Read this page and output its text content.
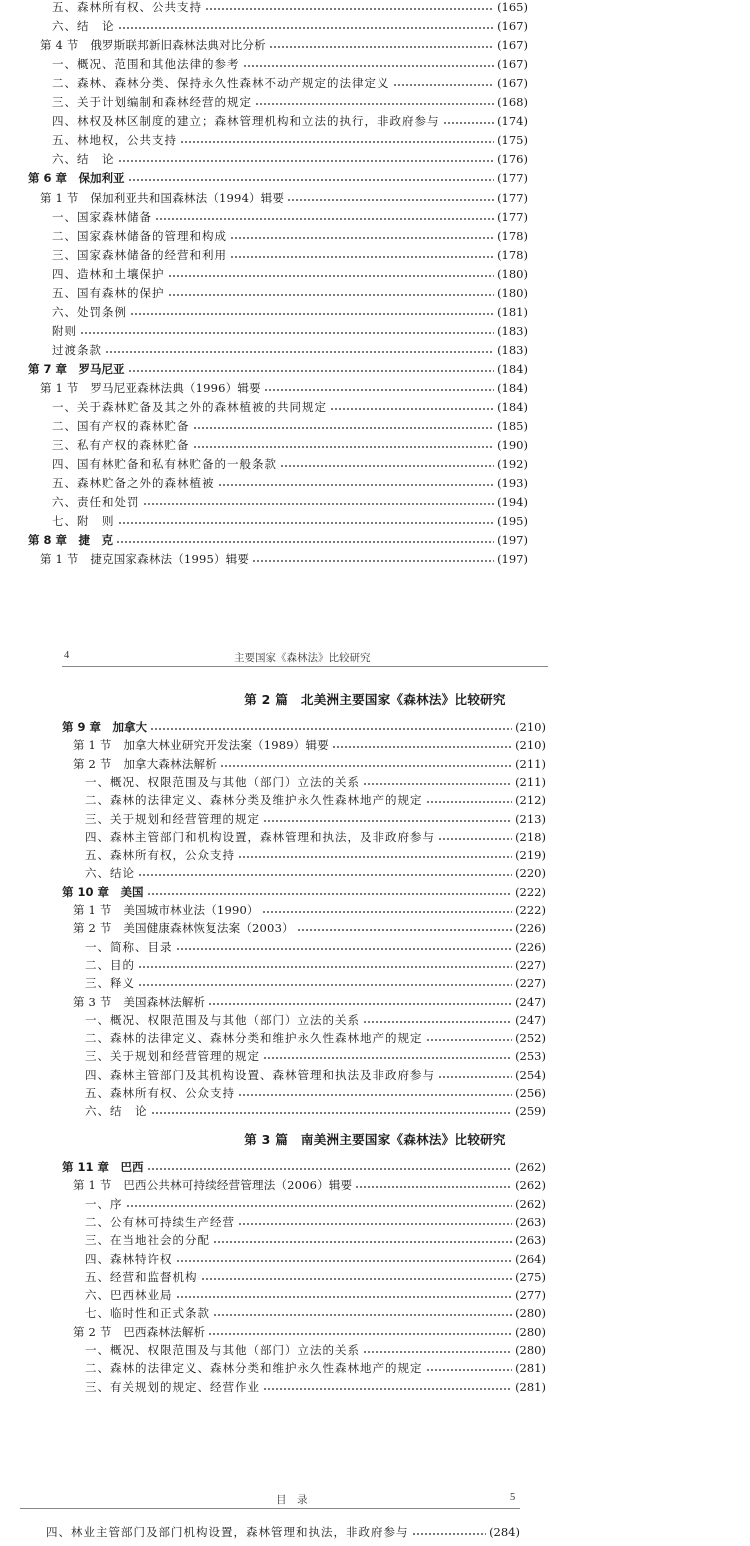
五、森林所有权、公共支持	(165)
六、结　论	(167)
第 4 节　俄罗斯联邦新旧森林法典对比分析	(167)
一、概况、范围和其他法律的参考	(167)
二、森林、森林分类、保持永久性森林不动产规定的法律定义	(167)
三、关于计划编制和森林经营的规定	(168)
四、林权及林区制度的建立；森林管理机构和立法的执行，非政府参与	(174)
五、林地权，公共支持	(175)
六、结　论	(176)
第 6 章　保加利亚	(177)
第 1 节　保加利亚共和国森林法（1994）辑要	(177)
一、国家森林储备	(177)
二、国家森林储备的管理和构成	(178)
三、国家森林储备的经营和利用	(178)
四、造林和土壤保护	(180)
五、国有森林的保护	(180)
六、处罚条例	(181)
附则	(183)
过渡条款	(183)
第 7 章　罗马尼亚	(184)
第 1 节　罗马尼亚森林法典（1996）辑要	(184)
一、关于森林贮备及其之外的森林植被的共同规定	(184)
二、国有产权的森林贮备	(185)
三、私有产权的森林贮备	(190)
四、国有林贮备和私有林贮备的一般条款	(192)
五、森林贮备之外的森林植被	(193)
六、责任和处罚	(194)
七、附　则	(195)
第 8 章　捷　克	(197)
第 1 节　捷克国家森林法（1995）辑要	(197)
4	主要国家《森林法》比较研究
第 2 篇　北美洲主要国家《森林法》比较研究
第 9 章　加拿大	(210)
第 1 节　加拿大林业研究开发法案（1989）辑要	(210)
第 2 节　加拿大森林法解析	(211)
一、概况、权限范围及与其他（部门）立法的关系	(211)
二、森林的法律定义、森林分类及维护永久性森林地产的规定	(212)
三、关于规划和经营管理的规定	(213)
四、森林主管部门和机构设置，森林管理和执法，及非政府参与	(218)
五、森林所有权，公众支持	(219)
六、结论	(220)
第 10 章　美国	(222)
第 1 节　美国城市林业法（1990）	(222)
第 2 节　美国健康森林恢复法案（2003）	(226)
一、简称、目录	(226)
二、目的	(227)
三、释义	(227)
第 3 节　美国森林法解析	(247)
一、概况、权限范围及与其他（部门）立法的关系	(247)
二、森林的法律定义、森林分类和维护永久性森林地产的规定	(252)
三、关于规划和经营管理的规定	(253)
四、森林主管部门及其机构设置、森林管理和执法及非政府参与	(254)
五、森林所有权、公众支持	(256)
六、结　论	(259)
第 3 篇　南美洲主要国家《森林法》比较研究
第 11 章　巴西	(262)
第 1 节　巴西公共林可持续经营管理法（2006）辑要	(262)
一、序	(262)
二、公有林可持续生产经营	(263)
三、在当地社会的分配	(263)
四、森林特许权	(264)
五、经营和监督机构	(275)
六、巴西林业局	(277)
七、临时性和正式条款	(280)
第 2 节　巴西森林法解析	(280)
一、概况、权限范围及与其他（部门）立法的关系	(280)
二、森林的法律定义、森林分类和维护永久性森林地产的规定	(281)
三、有关规划的规定、经营作业	(281)
目　录	5
四、林业主管部门及部门机构设置，森林管理和执法，非政府参与	(284)
